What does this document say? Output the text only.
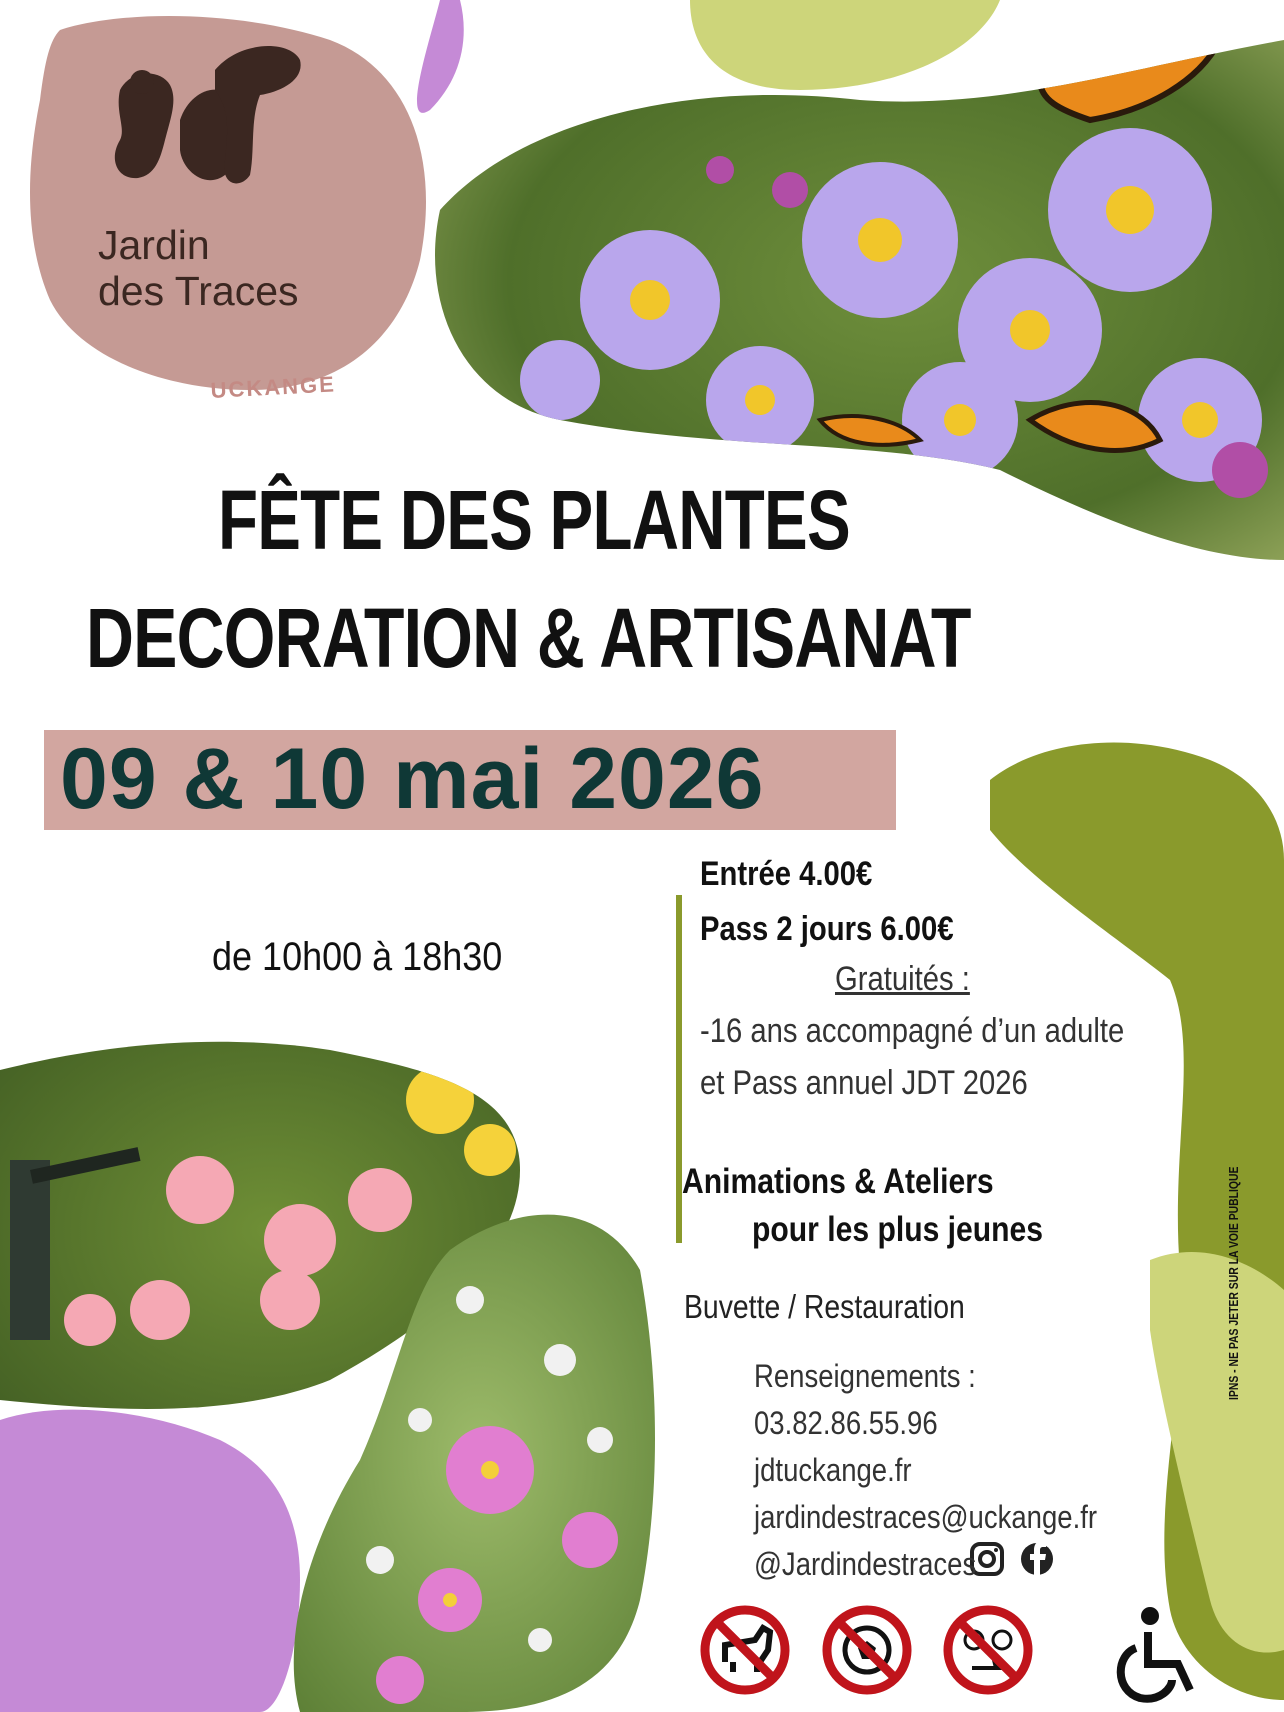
Jardin

des Traces

UCKANGE

FÊTE DES PLANTES
DECORATION & ARTISANAT

09 & 10 mai 2026

de 10h00 à 18h30

Entrée 4.00€

Pass 2 jours 6.00€

Gratuités :

-16 ans accompagné d’un adulte

et Pass annuel JDT 2026

Animations & Ateliers

pour les plus jeunes

Buvette / Restauration

Renseignements :

03.82.86.55.96

jdtuckange.fr

jardindestraces@uckange.fr

@Jardindestraces

IPNS - NE PAS JETER SUR LA VOIE PUBLIQUE
